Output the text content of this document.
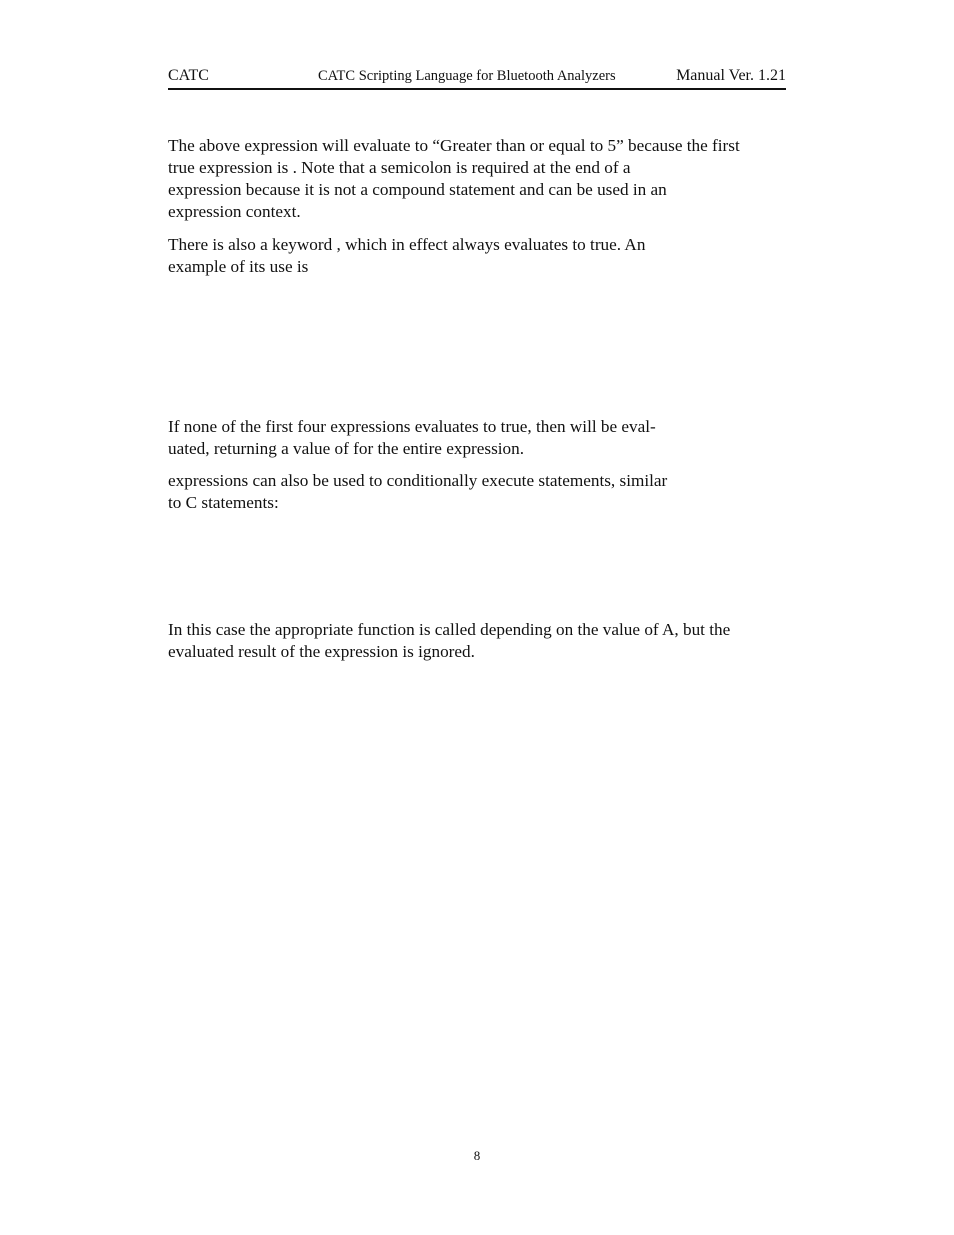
CATC	CATC Scripting Language for Bluetooth Analyzers	Manual Ver. 1.21
The above expression will evaluate to “Greater than or equal to 5” because the first
true expression is . Note that a semicolon is required at the end of a
expression because it is not a compound statement and can be used in an
expression context.
There is also a keyword , which in effect always evaluates to true. An
example of its use is
If none of the first four expressions evaluates to true, then will be eval-
uated, returning a value of for the entire expression.
expressions can also be used to conditionally execute statements, similar
to C statements:
In this case the appropriate function is called depending on the value of A, but the
evaluated result of the expression is ignored.
8
